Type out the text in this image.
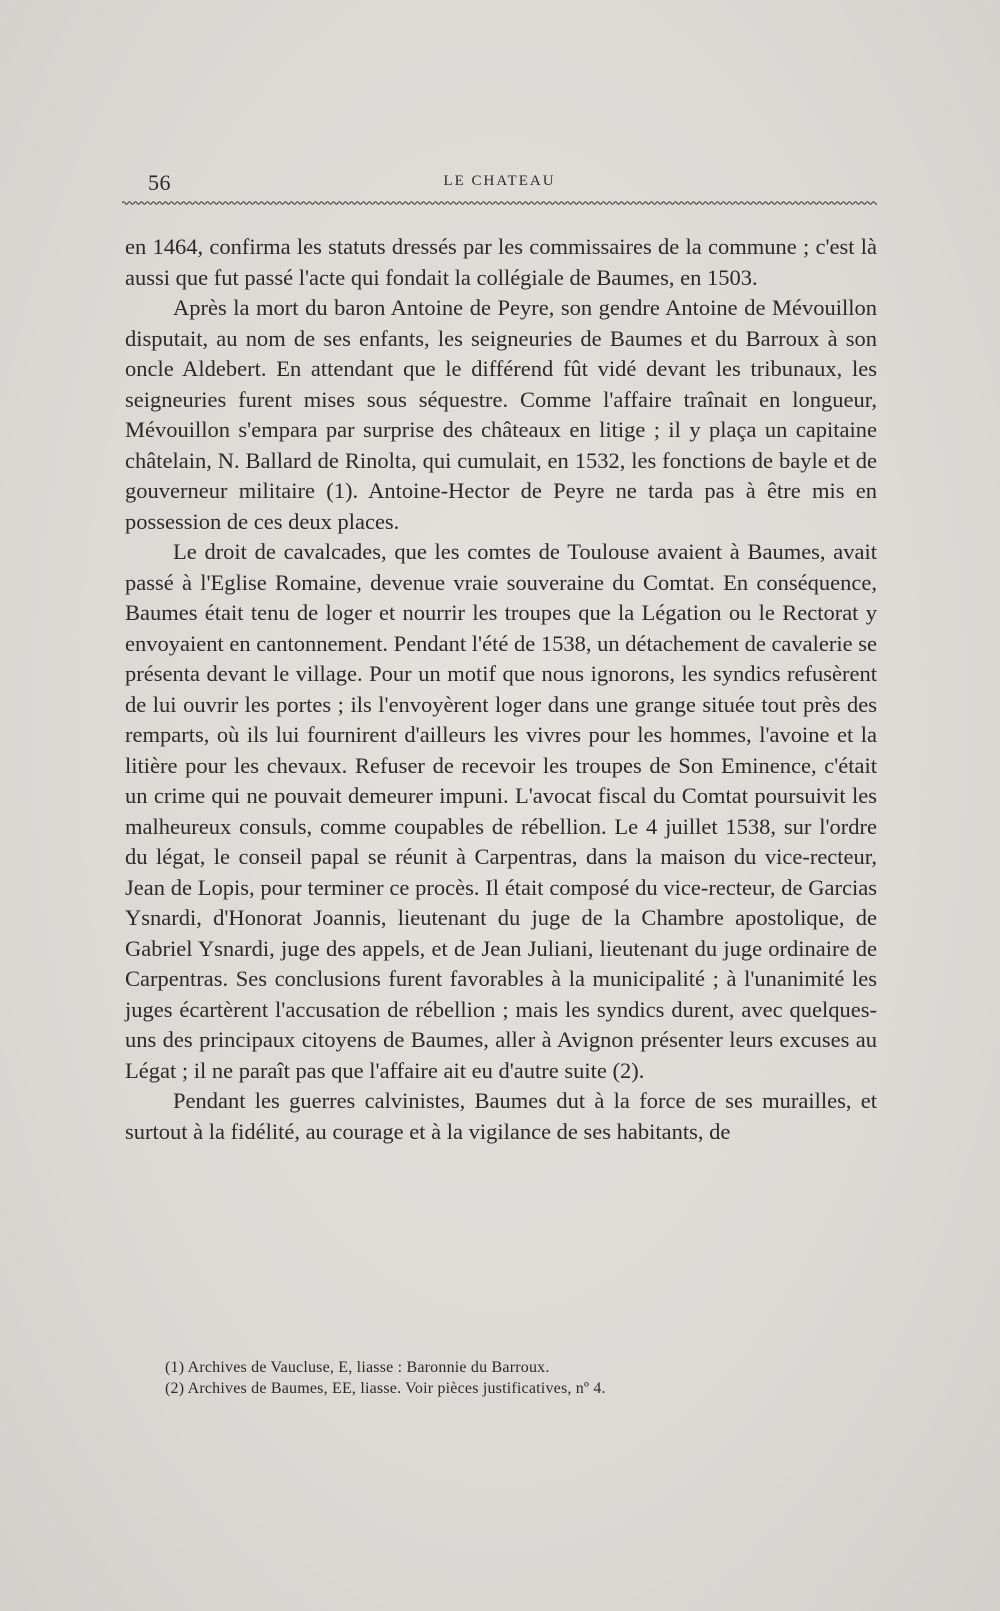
56	LE CHATEAU

en 1464, confirma les statuts dressés par les commissaires de la commune ; c'est là aussi que fut passé l'acte qui fondait la collégiale de Baumes, en 1503.

Après la mort du baron Antoine de Peyre, son gendre Antoine de Mévouillon disputait, au nom de ses enfants, les seigneuries de Baumes et du Barroux à son oncle Aldebert. En attendant que le différend fût vidé devant les tribunaux, les seigneuries furent mises sous séquestre. Comme l'affaire traînait en longueur, Mévouillon s'empara par surprise des châteaux en litige ; il y plaça un capitaine châtelain, N. Ballard de Rinolta, qui cumulait, en 1532, les fonctions de bayle et de gouverneur militaire (1). Antoine-Hector de Peyre ne tarda pas à être mis en possession de ces deux places.

Le droit de cavalcades, que les comtes de Toulouse avaient à Baumes, avait passé à l'Eglise Romaine, devenue vraie souveraine du Comtat. En conséquence, Baumes était tenu de loger et nourrir les troupes que la Légation ou le Rectorat y envoyaient en cantonnement. Pendant l'été de 1538, un détachement de cavalerie se présenta devant le village. Pour un motif que nous ignorons, les syndics refusèrent de lui ouvrir les portes ; ils l'envoyèrent loger dans une grange située tout près des remparts, où ils lui fournirent d'ailleurs les vivres pour les hommes, l'avoine et la litière pour les chevaux. Refuser de recevoir les troupes de Son Eminence, c'était un crime qui ne pouvait demeurer impuni. L'avocat fiscal du Comtat poursuivit les malheureux consuls, comme coupables de rébellion. Le 4 juillet 1538, sur l'ordre du légat, le conseil papal se réunit à Carpentras, dans la maison du vice-recteur, Jean de Lopis, pour terminer ce procès. Il était composé du vice-recteur, de Garcias Ysnardi, d'Honorat Joannis, lieutenant du juge de la Chambre apostolique, de Gabriel Ysnardi, juge des appels, et de Jean Juliani, lieutenant du juge ordinaire de Carpentras. Ses conclusions furent favorables à la municipalité ; à l'unanimité les juges écartèrent l'accusation de rébellion ; mais les syndics durent, avec quelques-uns des principaux citoyens de Baumes, aller à Avignon présenter leurs excuses au Légat ; il ne paraît pas que l'affaire ait eu d'autre suite (2).

Pendant les guerres calvinistes, Baumes dut à la force de ses murailles, et surtout à la fidélité, au courage et à la vigilance de ses habitants, de

(1) Archives de Vaucluse, E, liasse : Baronnie du Barroux.

(2) Archives de Baumes, EE, liasse. Voir pièces justificatives, nº 4.
